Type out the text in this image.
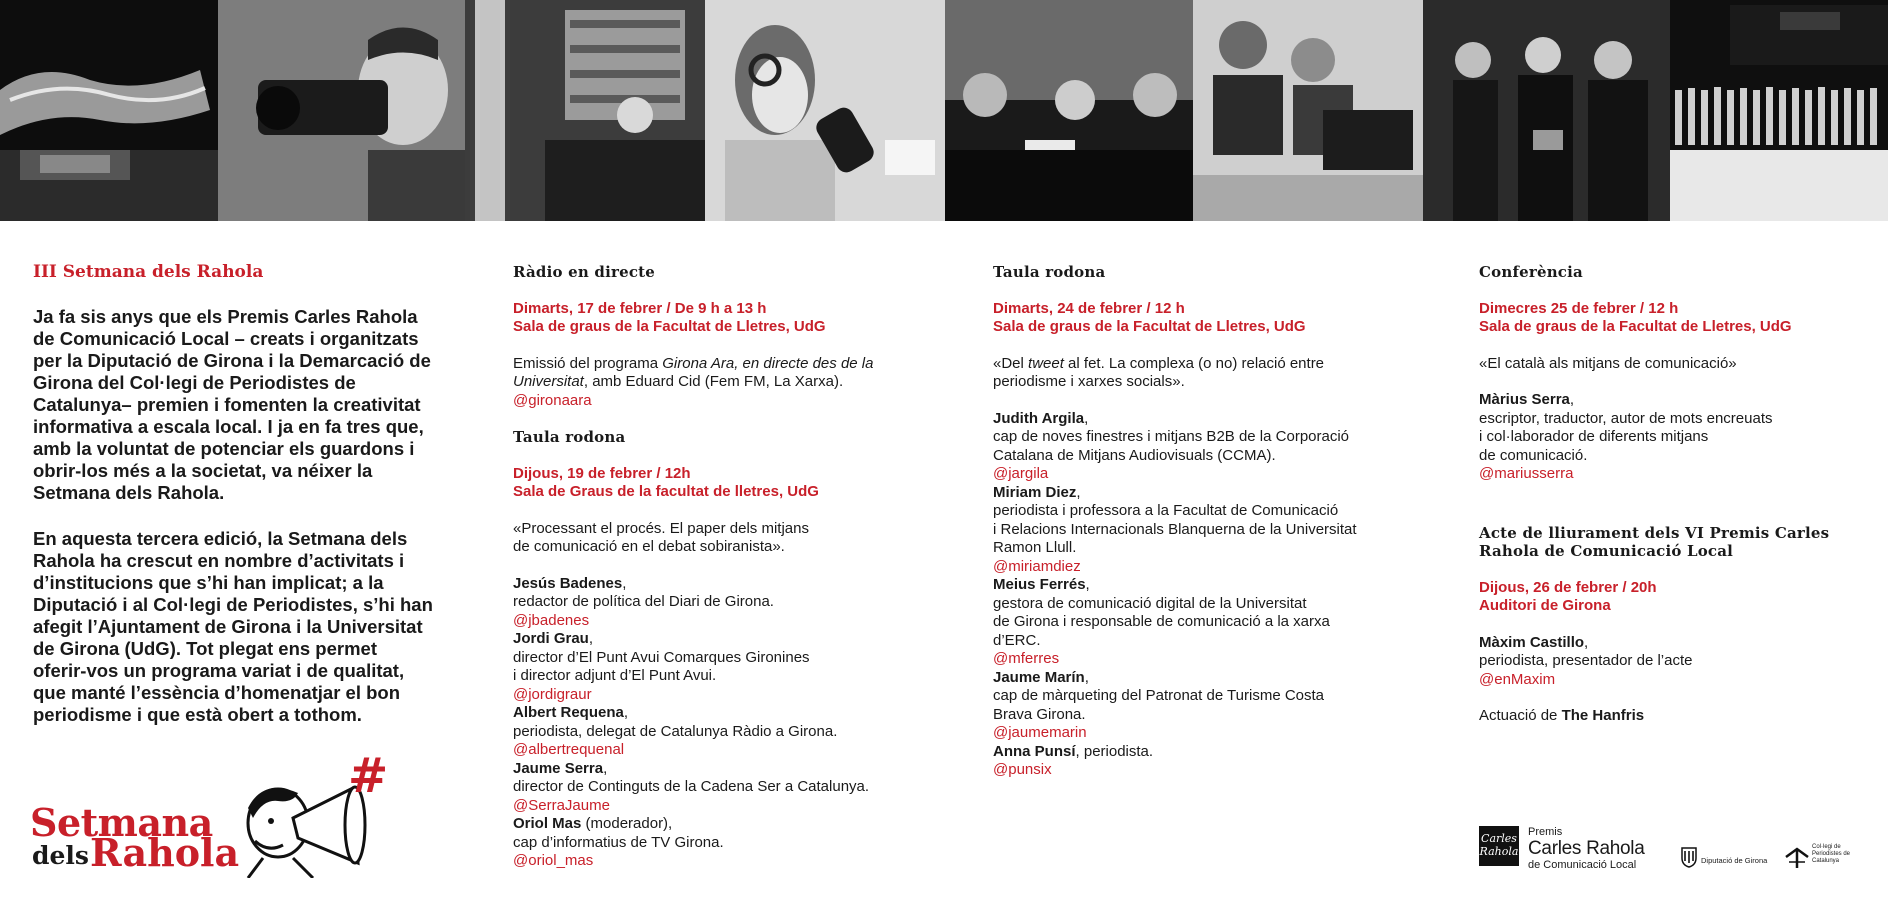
III Setmana dels Rahola
Ja fa sis anys que els Premis Carles Rahola de Comunicació Local – creats i organitzats per la Diputació de Girona i la Demarcació de Girona del Col·legi de Periodistes de Catalunya– premien i fomenten la creativitat informativa a escala local. I ja en fa tres que, amb la voluntat de potenciar els guardons i obrir-los més a la societat, va néixer la Setmana dels Rahola.
En aquesta tercera edició, la Setmana dels Rahola ha crescut en nombre d’activitats i d’institucions que s’hi han implicat; a la Diputació i al Col·legi de Periodistes, s’hi han afegit l’Ajuntament de Girona i la Universitat de Girona (UdG). Tot plegat ens permet oferir-vos un programa variat i de qualitat, que manté l’essència d’homenatjar el bon periodisme i que està obert a tothom.
Setmana
dels Rahola
#
Ràdio en directe
Dimarts, 17 de febrer / De 9 h a 13 h
Sala de graus de la Facultat de Lletres, UdG
Emissió del programa Girona Ara, en directe des de la Universitat, amb Eduard Cid (Fem FM, La Xarxa).
@gironaara
Taula rodona
Dijous, 19 de febrer / 12h
Sala de Graus de la facultat de lletres, UdG
«Processant el procés. El paper dels mitjans
de comunicació en el debat sobiranista».
Jesús Badenes,
redactor de política del Diari de Girona.
@jbadenes
Jordi Grau,
director d’El Punt Avui Comarques Gironines
i director adjunt d’El Punt Avui.
@jordigraur
Albert Requena,
periodista, delegat de Catalunya Ràdio a Girona.
@albertrequenal
Jaume Serra,
director de Continguts de la Cadena Ser a Catalunya.
@SerraJaume
Oriol Mas (moderador),
cap d’informatius de TV Girona.
@oriol_mas
Taula rodona
Dimarts, 24 de febrer / 12 h
Sala de graus de la Facultat de Lletres, UdG
«Del tweet al fet. La complexa (o no) relació entre
periodisme i xarxes socials».
Judith Argila,
cap de noves finestres i mitjans B2B de la Corporació
Catalana de Mitjans Audiovisuals (CCMA).
@jargila
Miriam Diez,
periodista i professora a la Facultat de Comunicació
i Relacions Internacionals Blanquerna de la Universitat
Ramon Llull.
@miriamdiez
Meius Ferrés,
gestora de comunicació digital de la Universitat
de Girona i responsable de comunicació a la xarxa
d’ERC.
@mferres
Jaume Marín,
cap de màrqueting del Patronat de Turisme Costa
Brava Girona.
@jaumemarin
Anna Punsí, periodista.
@punsix
Conferència
Dimecres 25 de febrer / 12 h
Sala de graus de la Facultat de Lletres, UdG
«El català als mitjans de comunicació»
Màrius Serra,
escriptor, traductor, autor de mots encreuats
i col·laborador de diferents mitjans
de comunicació.
@mariusserra
Acte de lliurament dels VI Premis Carles
Rahola de Comunicació Local
Dijous, 26 de febrer / 20h
Auditori de Girona
Màxim Castillo,
periodista, presentador de l’acte
@enMaxim
Actuació de The Hanfris
Carles Rahola
Premis
Carles Rahola
de Comunicació Local	Diputació de Girona
Col·legi de Periodistes de Catalunya
